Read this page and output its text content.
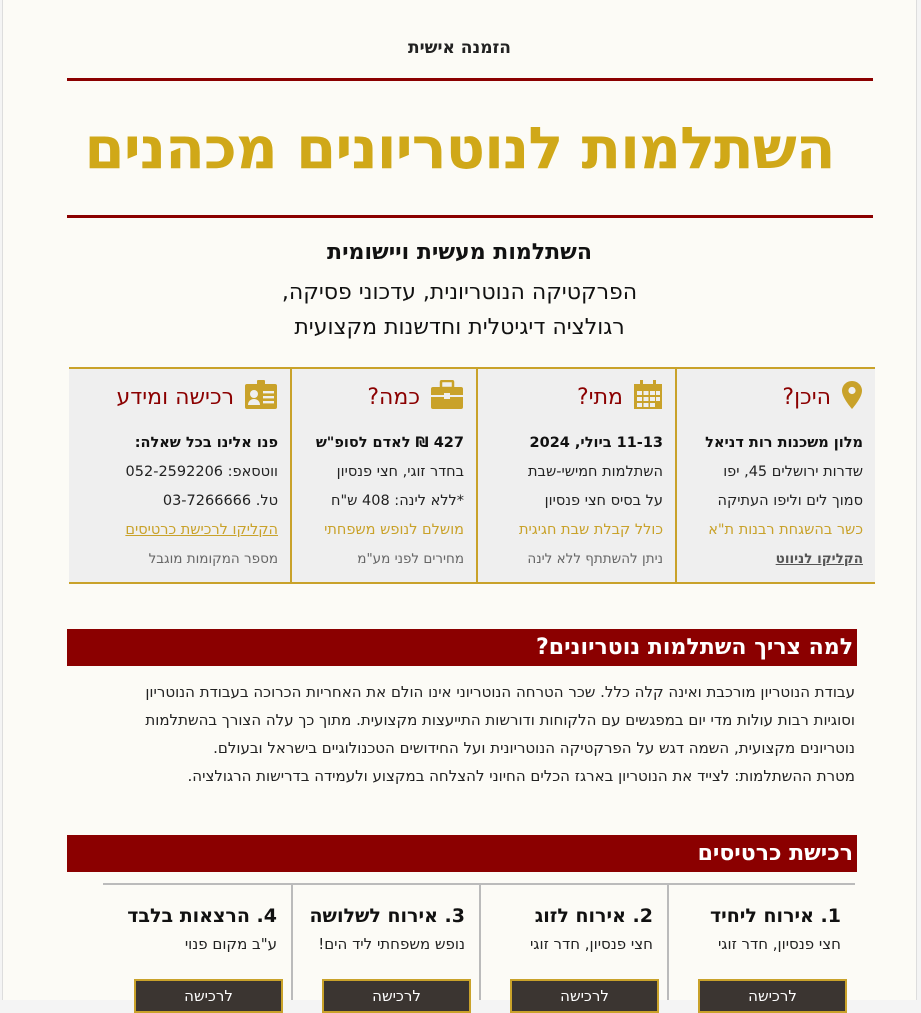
הזמנה אישית
השתלמות לנוטריונים מכהנים
השתלמות מעשית ויישומית
הפרקטיקה הנוטריונית, עדכוני פסיקה,
רגולציה דיגיטלית וחדשנות מקצועית
היכן?
מלון משכנות רות דניאל
שדרות ירושלים 45, יפו
סמוך לים וליפו העתיקה
כשר בהשגחת רבנות ת"א
הקליקו לניווט
מתי?
11-13 ביולי, 2024
השתלמות חמישי-שבת
על בסיס חצי פנסיון
כולל קבלת שבת חגיגית
ניתן להשתתף ללא לינה
כמה?
427 ₪ לאדם לסופ"ש
בחדר זוגי, חצי פנסיון
*ללא לינה: 408 ש"ח
מושלם לנופש משפחתי
מחירים לפני מע"מ
רכישה ומידע
פנו אלינו בכל שאלה:
ווטסאפ: 052-2592206
טל. 03-7266666
הקליקו לרכישת כרטיסים
מספר המקומות מוגבל
למה צריך השתלמות נוטריונים?
עבודת הנוטריון מורכבת ואינה קלה כלל. שכר הטרחה הנוטריוני אינו הולם את האחריות הכרוכה בעבודת הנוטריון
וסוגיות רבות עולות מדי יום במפגשים עם הלקוחות ודורשות התייעצות מקצועית. מתוך כך עלה הצורך בהשתלמות
נוטריונים מקצועית, השמה דגש על הפרקטיקה הנוטריונית ועל החידושים הטכנולוגיים בישראל ובעולם.
מטרת ההשתלמות: לצייד את הנוטריון בארגז הכלים החיוני להצלחה במקצוע ולעמידה בדרישות הרגולציה.
רכישת כרטיסים
1. אירוח ליחיד
חצי פנסיון, חדר זוגי
לרכישה
2. אירוח לזוג
חצי פנסיון, חדר זוגי
לרכישה
3. אירוח לשלושה
נופש משפחתי ליד הים!
לרכישה
4. הרצאות בלבד
ע"ב מקום פנוי
לרכישה
